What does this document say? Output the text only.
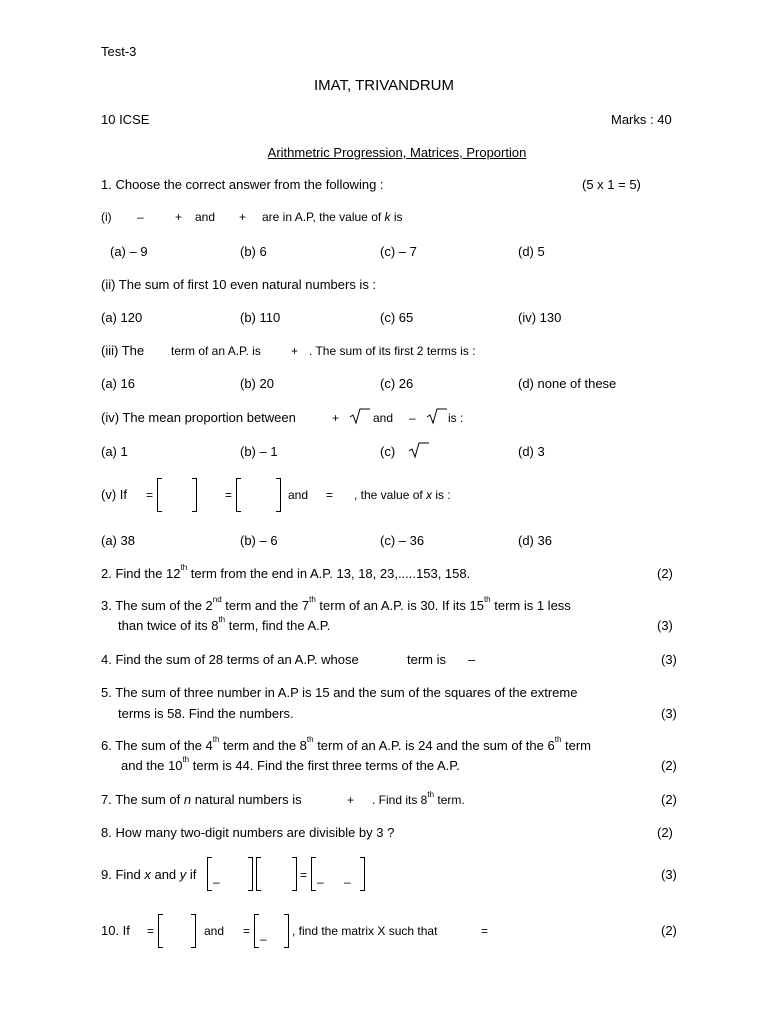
Test-3
IMAT, TRIVANDRUM
10 ICSE	Marks : 40
Arithmetric Progression, Matrices, Proportion
1. Choose the correct answer from the following :	(5 x 1 = 5)
(i) –	+ and + are in A.P, the value of k is
(a) – 9	(b) 6	(c) – 7	(d) 5
(ii) The sum of first 10 even natural numbers is :
(a) 120	(b) 110	(c) 65	(iv) 130
(iii) The term of an A.P. is	+ . The sum of its first 2 terms is :
(a) 16	(b) 20	(c) 26	(d) none of these
(iv) The mean proportion between	+	and –	is :
(a) 1	(b) – 1	(c)	(d) 3
(v) If =	=	and = , the value of x is :
(a) 38	(b) – 6	(c) – 36	(d) 36
2. Find the 12th term from the end in A.P. 13, 18, 23,.....153, 158.	(2)
3. The sum of the 2nd term and the 7th term of an A.P. is 30. If its 15th term is 1 less
than twice of its 8th term, find the A.P.	(3)
4. Find the sum of 28 terms of an A.P. whose	term is –	(3)
5. The sum of three number in A.P is 15 and the sum of the squares of the extreme
terms is 58. Find the numbers.	(3)
6. The sum of the 4th term and the 8th term of an A.P. is 24 and the sum of the 6th term
and the 10th term is 44. Find the first three terms of the A.P.	(2)
7. The sum of n natural numbers is	+ . Find its 8th term.	(2)
8. How many two-digit numbers are divisible by 3 ?	(2)
9. Find x and y if –	= – –	(3)
10. If =	and =
–
, find the matrix X such that	=	(2)
